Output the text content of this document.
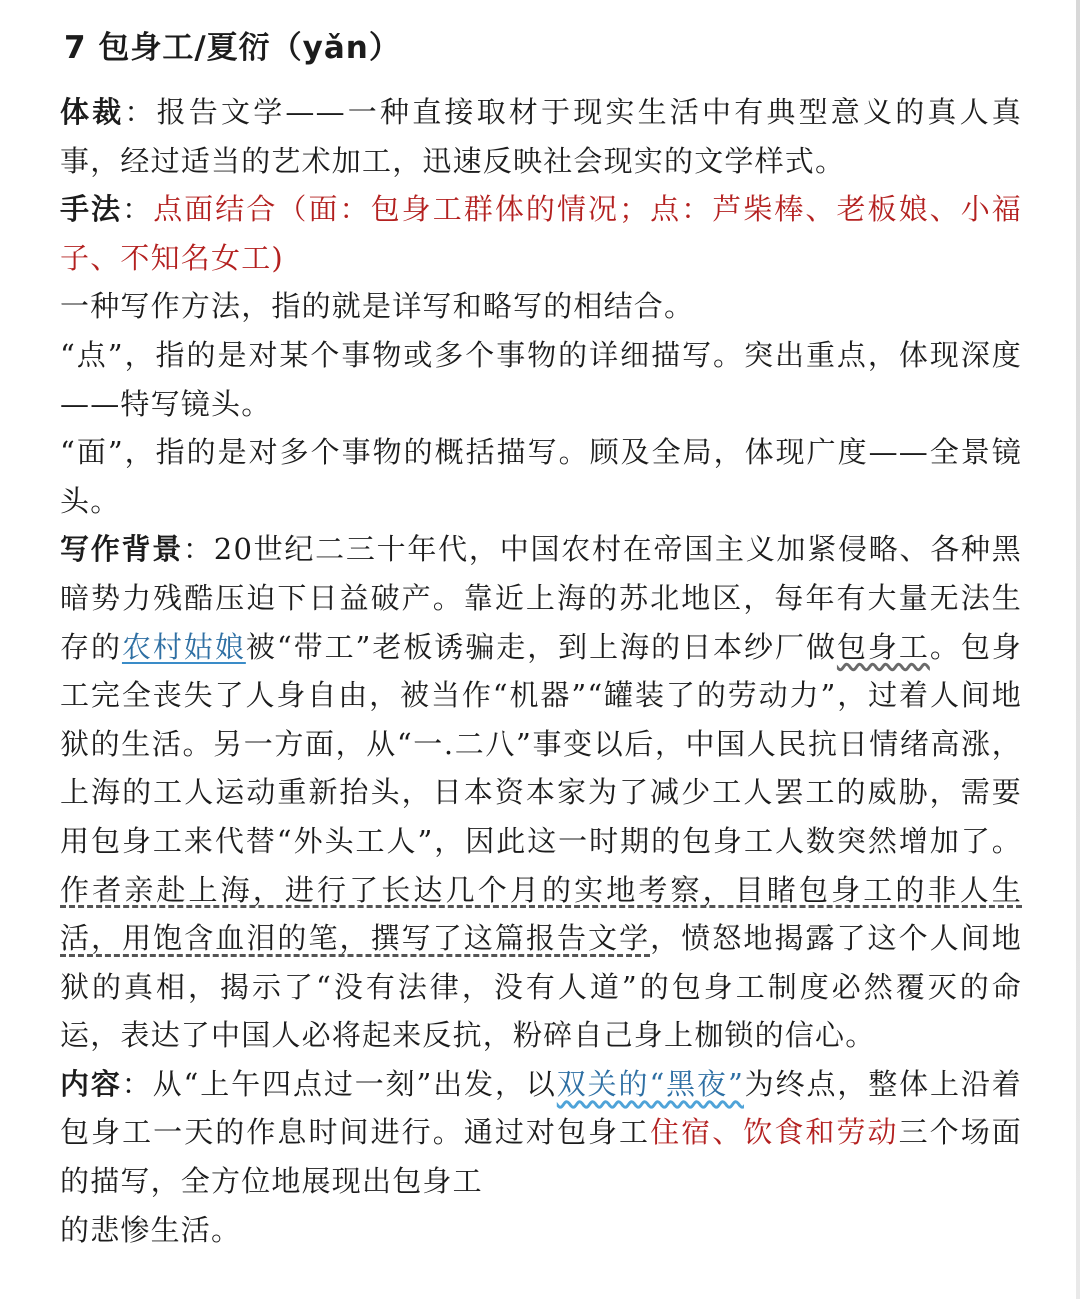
7 包身工/夏衍（yǎn）

体裁：报告文学——一种直接取材于现实生活中有典型意义的真人真事，经过适当的艺术加工，迅速反映社会现实的文学样式。

手法：点面结合（面：包身工群体的情况；点：芦柴棒、老板娘、小福子、不知名女工)

一种写作方法，指的就是详写和略写的相结合。

“点”，指的是对某个事物或多个事物的详细描写。突出重点，体现深度——特写镜头。

“面”，指的是对多个事物的概括描写。顾及全局，体现广度——全景镜头。

写作背景：20世纪二三十年代，中国农村在帝国主义加紧侵略、各种黑暗势力残酷压迫下日益破产。靠近上海的苏北地区，每年有大量无法生存的农村姑娘被“带工”老板诱骗走，到上海的日本纱厂做包身工。包身工完全丧失了人身自由，被当作“机器”“罐装了的劳动力”，过着人间地狱的生活。另一方面，从“一.二八”事变以后，中国人民抗日情绪高涨，上海的工人运动重新抬头，日本资本家为了减少工人罢工的威胁，需要用包身工来代替“外头工人”，因此这一时期的包身工人数突然增加了。作者亲赴上海，进行了长达几个月的实地考察，目睹包身工的非人生活，用饱含血泪的笔，撰写了这篇报告文学，愤怒地揭露了这个人间地狱的真相，揭示了“没有法律，没有人道”的包身工制度必然覆灭的命运，表达了中国人必将起来反抗，粉碎自己身上枷锁的信心。

内容：从“上午四点过一刻”出发，以双关的“黑夜”为终点，整体上沿着包身工一天的作息时间进行。通过对包身工住宿、饮食和劳动三个场面的描写，全方位地展现出包身工
的悲惨生活。
